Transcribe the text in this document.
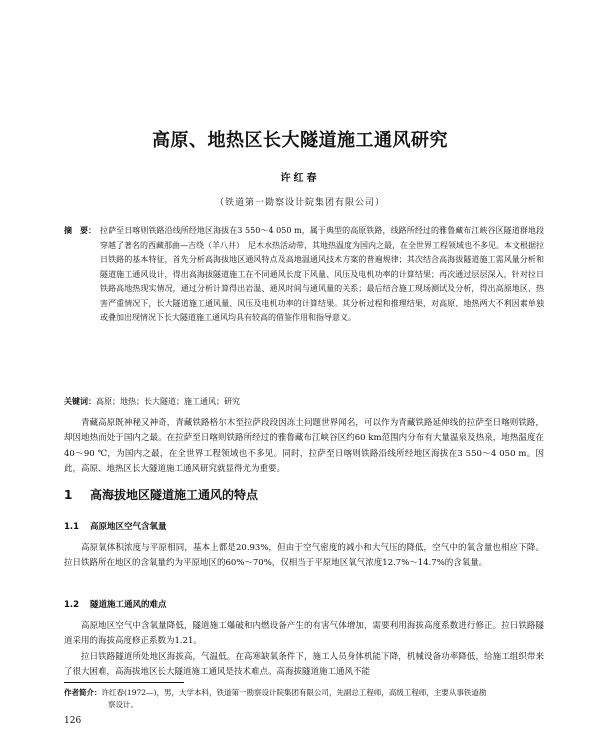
高原、地热区长大隧道施工通风研究
许红春
（铁道第一勘察设计院集团有限公司）
摘　要： 拉萨至日喀则铁路沿线所经地区海拔在3 550～4 050 m，属于典型的高原铁路，线路所经过的雅鲁藏布江峡谷区隧道群地段穿越了著名的西藏那曲—吉绕（羊八井）　尼木水热活动带，其地热温度为国内之最，在全世界工程领域也不多见。本文根据拉日铁路的基本特征，首先分析高海拔地区通风特点及高地温通风技术方案的普遍规律；其次结合高海拔隧道施工需风量分析和隧道施工通风设计，得出高海拔隧道施工在不同通风长度下风量、风压及电机功率的计算结果；再次通过层层深入，针对拉日铁路高地热现实情况，通过分析计算得出岩温、通风时间与通风量的关系；最后结合施工现场测试及分析，得出高原地区、热害严重情况下，长大隧道施工通风量、风压及电机功率的计算结果。其分析过程和推理结果，对高原、地热两大不利因素单独或叠加出现情况下长大隧道施工通风均具有较高的借鉴作用和指导意义。
关键词：高原；地热；长大隧道；施工通风；研究
青藏高原既神秘又神奇，青藏铁路格尔木至拉萨段段因冻土问题世界闻名，可以作为青藏铁路延伸线的拉萨至日喀则铁路，却因地热而处于国内之最。在拉萨至日喀则铁路所经过的雅鲁藏布江峡谷区约60 km范围内分布有大量温泉及热泉，地热温度在40～90 ℃，为国内之最，在全世界工程领域也不多见。同时，拉萨至日喀则铁路沿线所经地区海拔在3 550～4 050 m。因此，高原、地热区长大隧道施工通风研究就显得尤为重要。
1 高海拔地区隧道施工通风的特点
1.1 高原地区空气含氧量
高原氧体积浓度与平原相同，基本上都是20.93%，但由于空气密度的减小和大气压的降低，空气中的氧含量也相应下降。拉日铁路所在地区的含氧量约为平原地区的60%～70%，仅相当于平原地区氧气浓度12.7%～14.7%的含氧量。
1.2 隧道施工通风的难点
高原地区空气中含氧量降低，隧道施工爆破和内燃设备产生的有害气体增加，需要利用海拔高度系数进行修正。拉日铁路隧道采用的海拔高度修正系数为1.21。
拉日铁路隧道所处地区海拔高，气温低。在高寒缺氧条件下，施工人员身体机能下降，机械设备功率降低，给施工组织带来了很大困难，高海拔地区长大隧道施工通风是技术难点。高海拔隧道施工通风不能
作者简介：许红春(1972—)，男，大学本科，铁道第一勘察设计院集团有限公司，先副总工程师，高级工程师，主要从事铁道勘
察设计。
126
